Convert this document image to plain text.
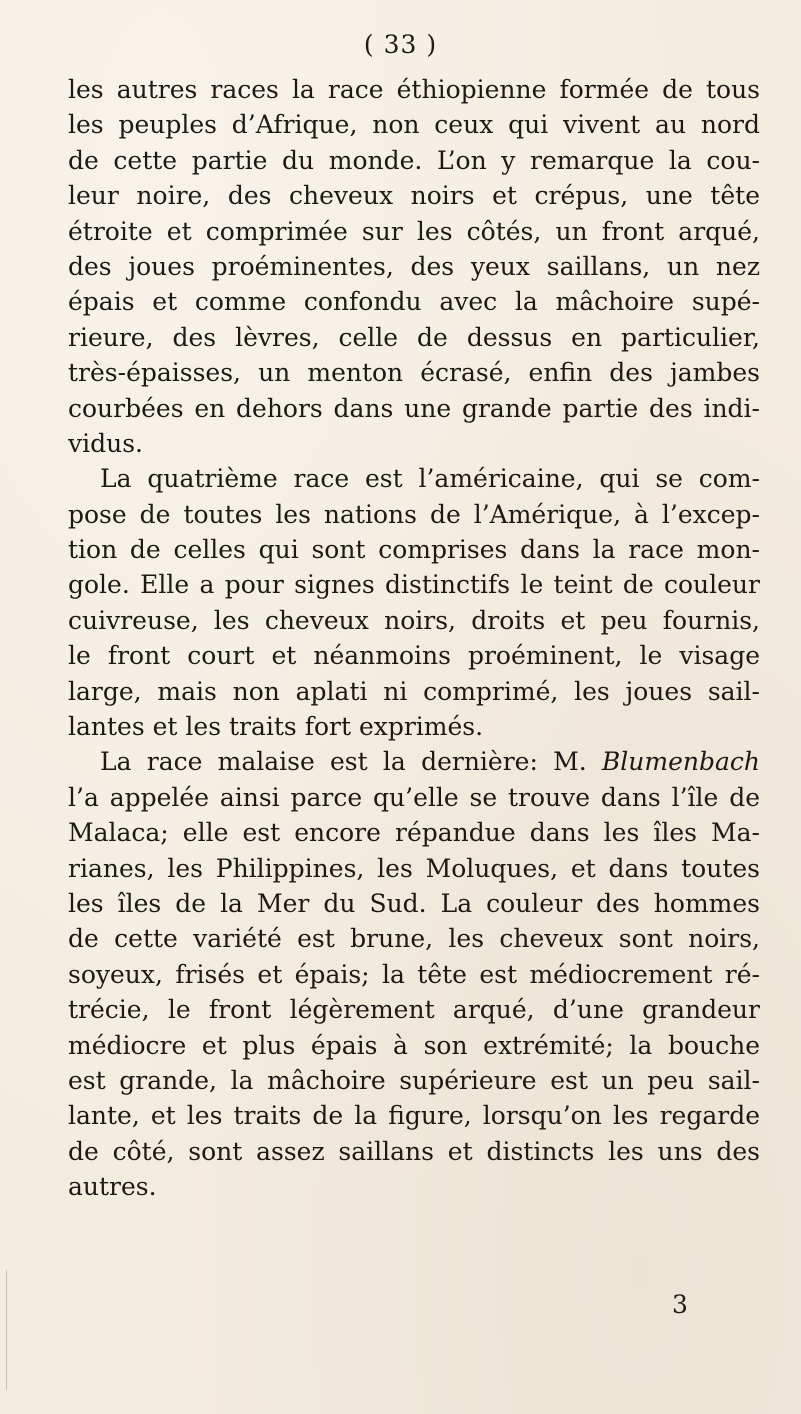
( 33 )
les autres races la race éthiopienne formée de tous
les peuples d’Afrique, non ceux qui vivent au nord
de cette partie du monde. L’on y remarque la cou-
leur noire, des cheveux noirs et crépus, une tête
étroite et comprimée sur les côtés, un front arqué,
des joues proéminentes, des yeux saillans, un nez
épais et comme confondu avec la mâchoire supé-
rieure, des lèvres, celle de dessus en particulier,
très-épaisses, un menton écrasé, enfin des jambes
courbées en dehors dans une grande partie des indi-
vidus.
La quatrième race est l’américaine, qui se com-
pose de toutes les nations de l’Amérique, à l’excep-
tion de celles qui sont comprises dans la race mon-
gole. Elle a pour signes distinctifs le teint de couleur
cuivreuse, les cheveux noirs, droits et peu fournis,
le front court et néanmoins proéminent, le visage
large, mais non aplati ni comprimé, les joues sail-
lantes et les traits fort exprimés.
La race malaise est la dernière: M. Blumenbach
l’a appelée ainsi parce qu’elle se trouve dans l’île de
Malaca; elle est encore répandue dans les îles Ma-
rianes, les Philippines, les Moluques, et dans toutes
les îles de la Mer du Sud. La couleur des hommes
de cette variété est brune, les cheveux sont noirs,
soyeux, frisés et épais; la tête est médiocrement ré-
trécie, le front légèrement arqué, d’une grandeur
médiocre et plus épais à son extrémité; la bouche
est grande, la mâchoire supérieure est un peu sail-
lante, et les traits de la figure, lorsqu’on les regarde
de côté, sont assez saillans et distincts les uns des
autres.
3
